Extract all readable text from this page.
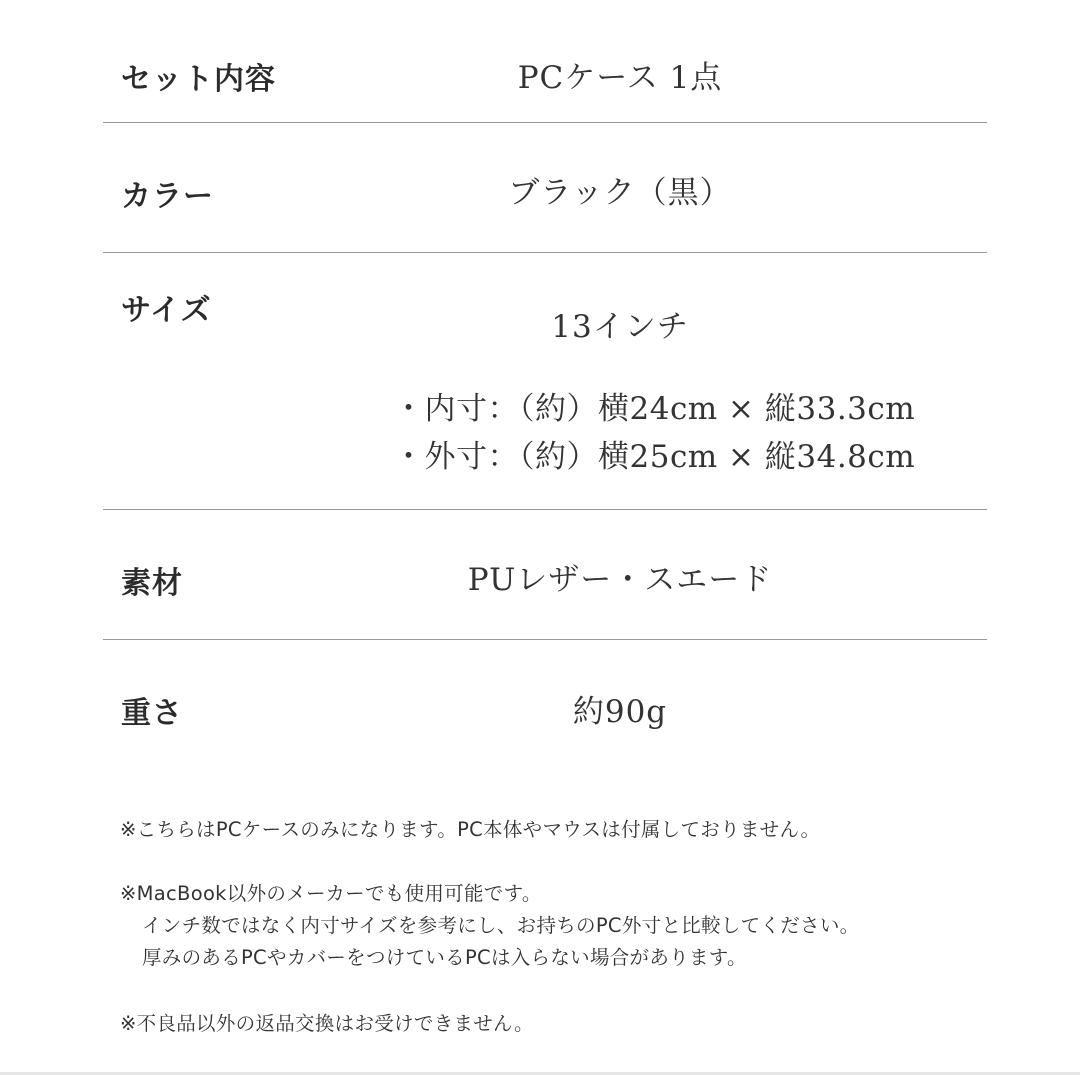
セット内容	PCケース 1点
カラー	ブラック（黒）
サイズ	13インチ
・内寸：（約）横24cm × 縦33.3cm
・外寸：（約）横25cm × 縦34.8cm
素材	PUレザー・スエード
重さ	約90g
※こちらはPCケースのみになります。PC本体やマウスは付属しておりません。
※MacBook以外のメーカーでも使用可能です。
インチ数ではなく内寸サイズを参考にし、お持ちのPC外寸と比較してください。
厚みのあるPCやカバーをつけているPCは入らない場合があります。
※不良品以外の返品交換はお受けできません。
